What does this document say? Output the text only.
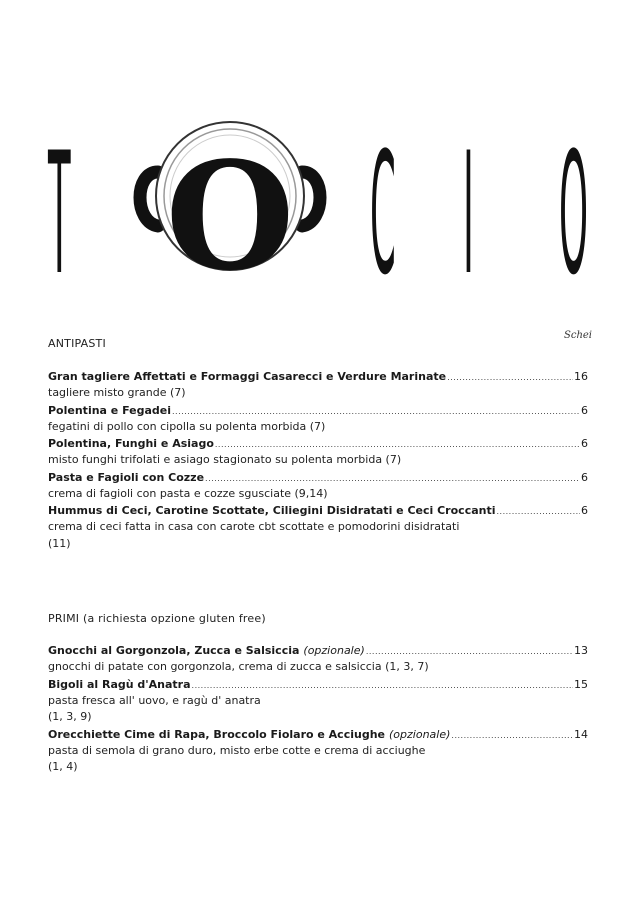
T O C I O
ANTIPASTI
Schei
Gran tagliere Affettati e Formaggi Casarecci e Verdure Marinate .....	16
tagliere misto grande (7)
Polentina e Fegadei .....	6
fegatini di pollo con cipolla su polenta morbida (7)
Polentina, Funghi e Asiago .....	6
misto funghi trifolati e asiago stagionato su polenta morbida (7)
Pasta e Fagioli con Cozze .....	6
crema di fagioli con pasta e cozze sgusciate (9,14)
Hummus di Ceci, Carotine Scottate, Ciliegini Disidratati e Ceci Croccanti .....	6
crema di ceci fatta in casa con carote cbt scottate e pomodorini disidratati
(11)
PRIMI (a richiesta opzione gluten free)
Gnocchi al Gorgonzola, Zucca e Salsiccia (opzionale) .....	13
gnocchi di patate con gorgonzola, crema di zucca e salsiccia (1, 3, 7)
Bigoli al Ragù d'Anatra .....	15
pasta fresca all' uovo, e ragù d' anatra
(1, 3, 9)
Orecchiette Cime di Rapa, Broccolo Fiolaro e Acciughe (opzionale) .....	14
pasta di semola di grano duro, misto erbe cotte e crema di acciughe
(1, 4)
